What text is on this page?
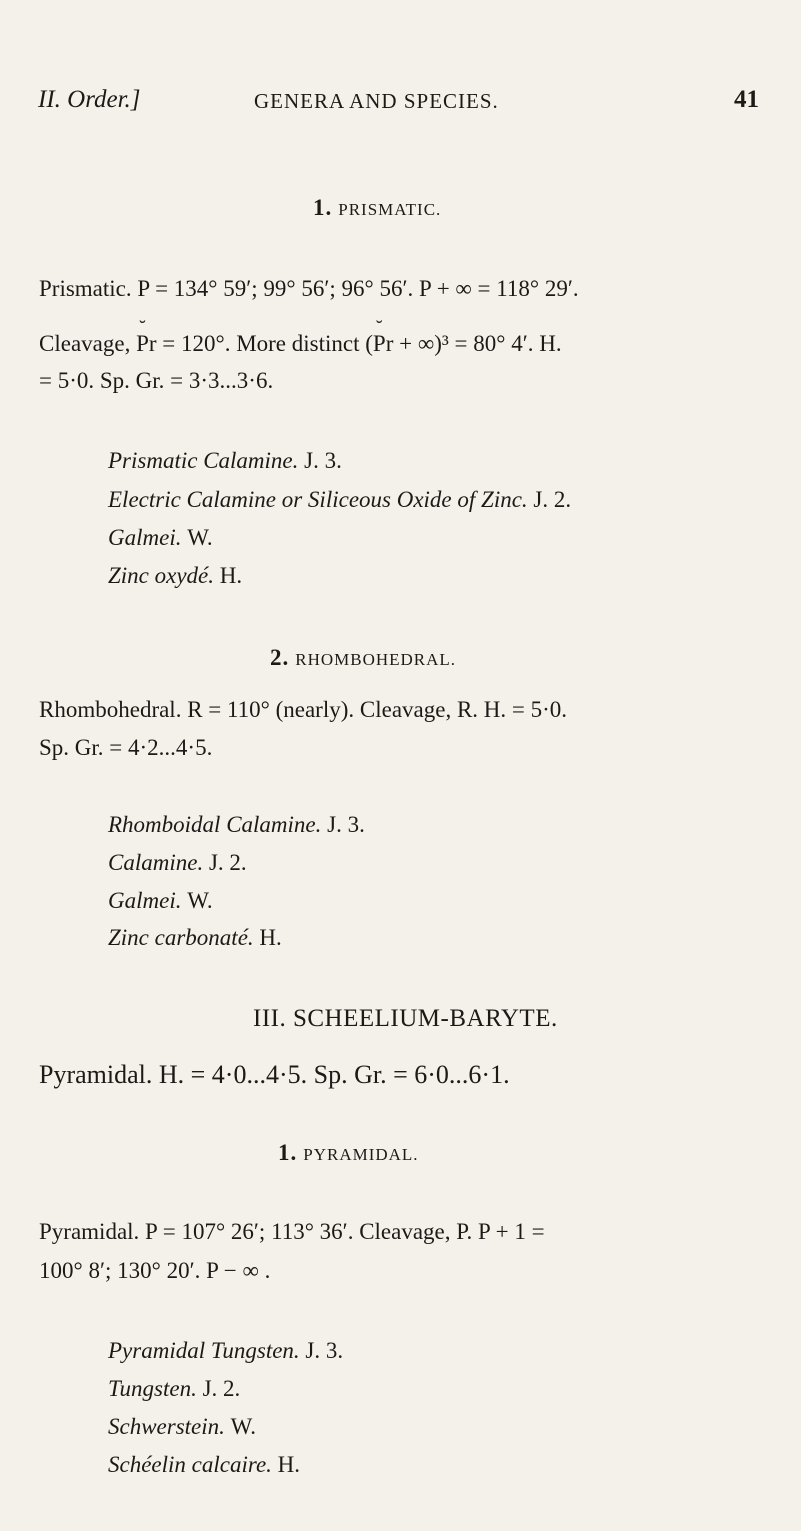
II. Order.]	GENERA AND SPECIES.	41
1. PRISMATIC.
Prismatic. P = 134° 59′; 99° 56′; 96° 56′. P + ∞ = 118° 29′.
Cleavage, ˘ Pr = 120°. More distinct (˘ Pr + ∞)³ = 80° 4′. H.
= 5·0. Sp. Gr. = 3·3...3·6.
Prismatic Calamine. J. 3.
Electric Calamine or Siliceous Oxide of Zinc. J. 2.
Galmei. W.
Zinc oxydé. H.
2. RHOMBOHEDRAL.
Rhombohedral. R = 110° (nearly). Cleavage, R. H. = 5·0.
Sp. Gr. = 4·2...4·5.
Rhomboidal Calamine. J. 3.
Calamine. J. 2.
Galmei. W.
Zinc carbonaté. H.
III. SCHEELIUM-BARYTE.
Pyramidal. H. = 4·0...4·5. Sp. Gr. = 6·0...6·1.
1. PYRAMIDAL.
Pyramidal. P = 107° 26′; 113° 36′. Cleavage, P. P + 1 =
100° 8′; 130° 20′. P − ∞ .
Pyramidal Tungsten. J. 3.
Tungsten. J. 2.
Schwerstein. W.
Schéelin calcaire. H.
